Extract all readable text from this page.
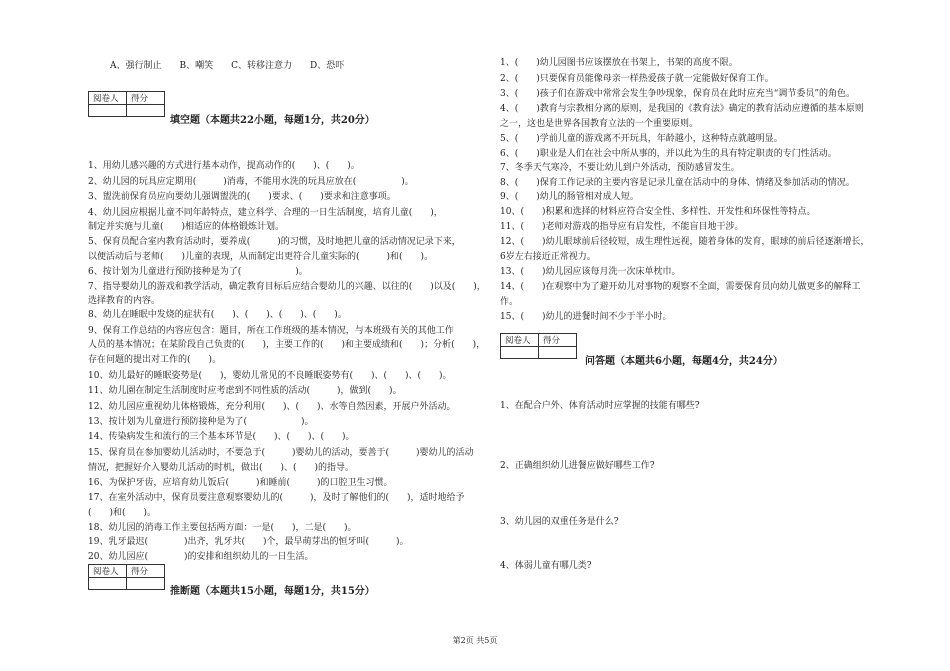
A、强行制止　　B、嘲笑　　C、转移注意力　　D、恐吓
阅卷人	得分

填空题（本题共22小题，每题1分，共20分）
1、用幼儿感兴趣的方式进行基本动作，提高动作的(　　)、(　　)。
2、幼儿园的玩具应定期用(　　　)消毒，不能用水洗的玩具应放在(　　　　　)。
3、盥洗前保育员应向要幼儿强调盥洗的(　　)要求、(　　)要求和注意事项。
4、幼儿园应根据儿童不同年龄特点，建立科学、合理的一日生活制度，培育儿童(　　)，
制定并实施与儿童(　　)相适应的体格锻炼计划。
5、保育员配合室内教育活动时，要养成(　　　)的习惯，及时地把儿童的活动情况记录下来，
以便活动后与老师(　　)儿童的表现，从而制定出更符合儿童实际的(　　　)和(　　)。
6、按计划为儿童进行预防接种是为了(　　　　　　)。
7、指导婴幼儿的游戏和教学活动，确定教育目标后应结合婴幼儿的兴趣、以往的(　　)以及(　　)，
选择教育的内容。
8、幼儿在睡眠中发烧的症状有(　　)、(　　)、(　　)、(　　)。
9、保育工作总结的内容应包含：题目，所在工作班级的基本情况，与本班级有关的其他工作
人员的基本情况；在某阶段自己负责的(　　)，主要工作的(　　)和主要成绩和(　　)；分析(　　)，
存在问题的提出对工作的(　　)。
10、幼儿最好的睡眠姿势是(　　)，婴幼儿常见的不良睡眠姿势有(　　)、(　　)、(　　)。
11、幼儿園在制定生活制度时应考虑到不同性质的活动(　　　)，做到(　　)。
12、幼儿园应重视幼儿体格锻炼，充分利用(　　)、(　　)、水等自然因素，开展户外活动。
13、按计划为儿童进行预防接种是为了(　　　　　　)。
14、传染病发生和流行的三个基本环节是(　　)、(　　)、(　　)。
15、保育员在参加婴幼儿活动时，不要急于(　　　)婴幼儿的活动，要善于(　　　)婴幼儿的活动
情况，把握好介入婴幼儿活动的时机，做出(　　)、(　　)的指导。
16、为保护牙齿，应培育幼儿饭后(　　　)和睡前(　　　)的口腔卫生习惯。
17、在室外活动中，保育员要注意观察婴幼儿的(　　　)，及时了解他们的(　　)，适时地给予
(　　)和(　　)。
18、幼儿园的消毒工作主要包括两方面：一是(　　)，二是(　　)。
19、乳牙最迟(　　　　)出齐，乳牙共(　　)个，最早萌芽出的恒牙叫(　　　)。
20、幼儿园应(　　　　)的安排和组织幼儿的一日生活。
阅卷人	得分

推断题（本题共15小题，每题1分，共15分）
1、(　　)幼儿园图书应该摆放在书架上，书架的高度不限。
2、(　　)只要保育员能像母亲一样热爱孩子就一定能做好保育工作。
3、(　　)孩子们在游戏中常常会发生争吵现象，保育员在此时应充当“调节委员”的角色。
4、(　　)教育与宗教相分离的原则，是我国的《教育法》确定的教育活动应遵循的基本原则
之一，这也是世界各国教育立法的一个重要原则。
5、(　　)学前儿童的游戏离不开玩具，年龄越小，这种特点就越明显。
6、(　　)职业是人们在社会中所从事的，并以此为生的具有特定职责的专门性活动。
7、冬季天气寒冷，不要让幼儿到户外活动，预防感冒发生。
8、(　　)保育工作记录的主要内容是记录儿童在活动中的身体、情绪及参加活动的情况。
9、(　　)幼儿的肠管相对成人短。
10、(　　)积累和选择的材料应符合安全性、多样性、开发性和环保性等特点。
11、(　　)老师对游戏的指导应有启发性，不能盲目地干涉。
12、(　　)幼儿眼球前后径较短，成生理性远视，随着身体的发育，眼球的前后径逐渐增长，
6岁左右接近正常视力。
13、(　　)幼儿园应该每月洗一次床单枕巾。
14、(　　)在观察中为了避开幼儿对事物的观察不全面，需要保育员向幼儿做更多的解释工
作。
15、(　　)幼儿的进餐时间不少于半小时。
阅卷人	得分

问答题（本题共6小题，每题4分，共24分）
1、在配合户外、体育活动时应掌握的技能有哪些?
2、正确组织幼儿进餐应做好哪些工作?
3、幼儿园的双重任务是什么?
4、体弱儿童有哪几类?
第2页 共5页
